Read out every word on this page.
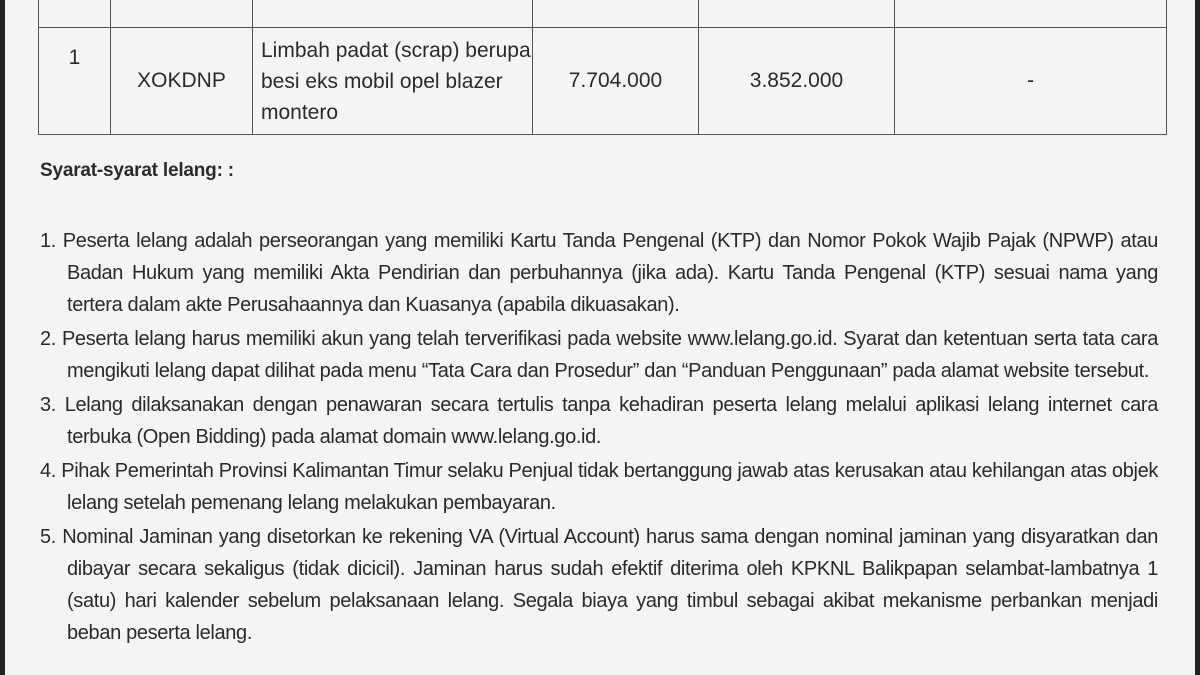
1	XOKDNP	Limbah padat (scrap) berupa besi eks mobil opel blazer montero	7.704.000	3.852.000	-
Syarat-syarat lelang: :
1. Peserta lelang adalah perseorangan yang memiliki Kartu Tanda Pengenal (KTP) dan Nomor Pokok Wajib Pajak (NPWP) atau Badan Hukum yang memiliki Akta Pendirian dan perbuhannya (jika ada). Kartu Tanda Pengenal (KTP) sesuai nama yang tertera dalam akte Perusahaannya dan Kuasanya (apabila dikuasakan).
2. Peserta lelang harus memiliki akun yang telah terverifikasi pada website www.lelang.go.id. Syarat dan ketentuan serta tata cara mengikuti lelang dapat dilihat pada menu “Tata Cara dan Prosedur” dan “Panduan Penggunaan” pada alamat website tersebut.
3. Lelang dilaksanakan dengan penawaran secara tertulis tanpa kehadiran peserta lelang melalui aplikasi lelang internet cara terbuka (Open Bidding) pada alamat domain www.lelang.go.id.
4. Pihak Pemerintah Provinsi Kalimantan Timur selaku Penjual tidak bertanggung jawab atas kerusakan atau kehilangan atas objek lelang setelah pemenang lelang melakukan pembayaran.
5. Nominal Jaminan yang disetorkan ke rekening VA (Virtual Account) harus sama dengan nominal jaminan yang disyaratkan dan dibayar secara sekaligus (tidak dicicil). Jaminan harus sudah efektif diterima oleh KPKNL Balikpapan selambat-lambatnya 1 (satu) hari kalender sebelum pelaksanaan lelang. Segala biaya yang timbul sebagai akibat mekanisme perbankan menjadi beban peserta lelang.
